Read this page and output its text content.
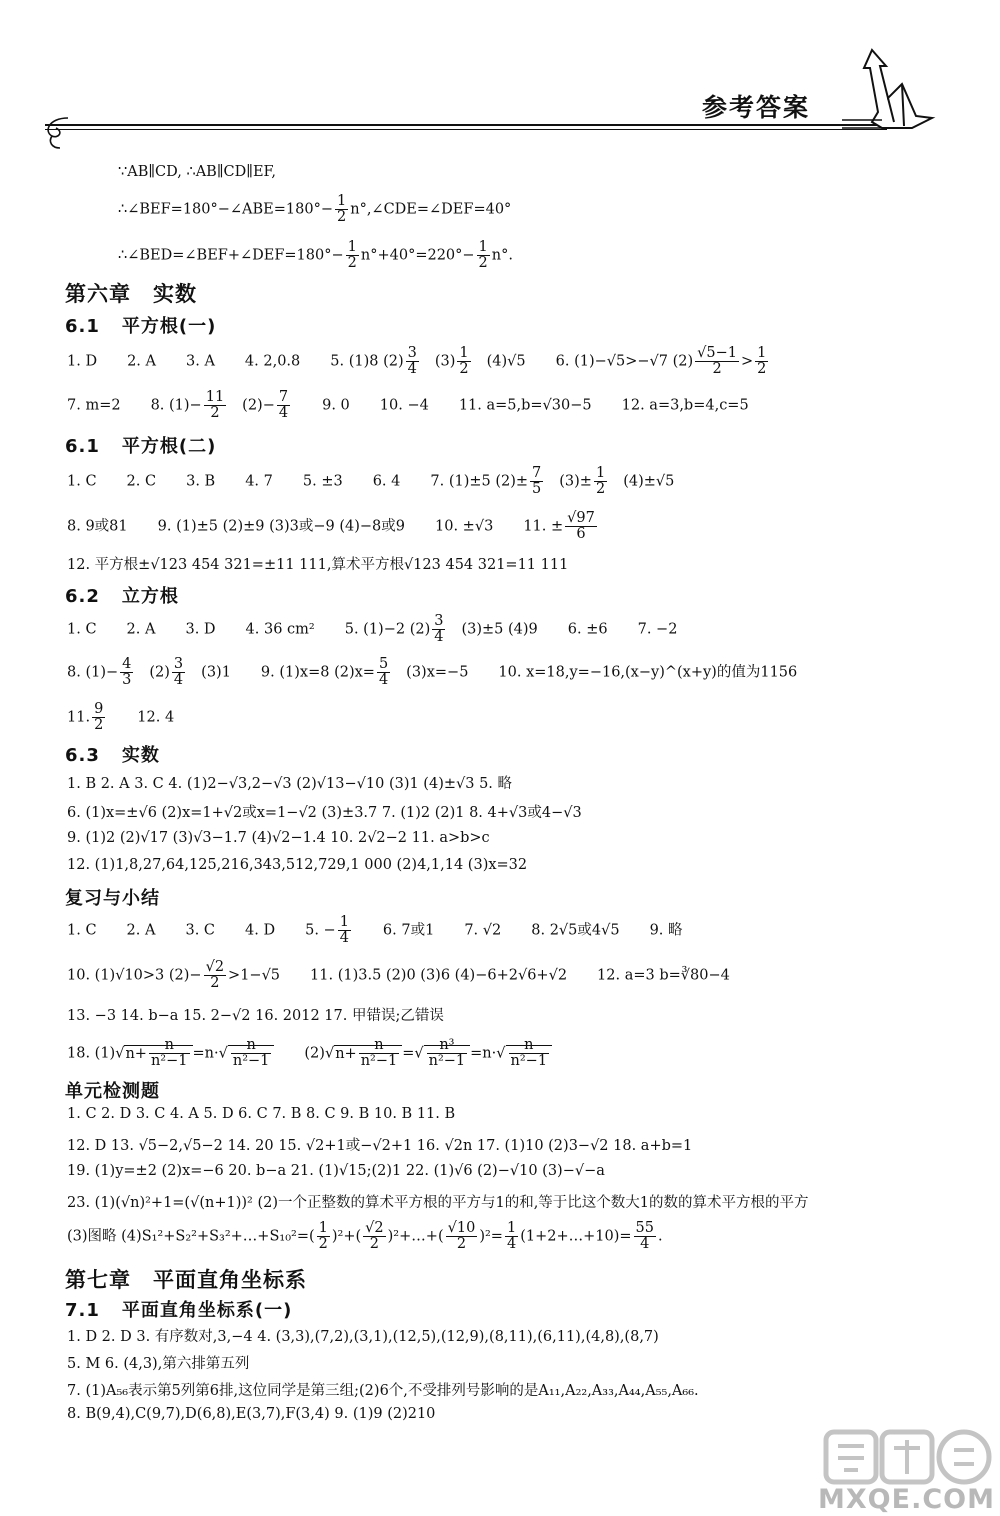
参考答案
∵AB∥CD, ∴AB∥CD∥EF,
∴∠BEF=180°−∠ABE=180°− $\frac{1}{2}$ n°,∠CDE=∠DEF=40°
∴∠BED=∠BEF+∠DEF=180°− $\frac{1}{2} n^\circ+40^\circ=220^\circ- \frac{1}{2} n^\circ$.
第六章 实数
6.1 平方根(一)
1. D 2. A 3. A 4. 2,0.8 5. (1)8 $(2) \frac{3}{4} (3) \frac{1}{2} (4)√5$ 6. (1)−√5>−√7 $(2) \frac{√5-1}{2} > \frac{1}{2}$
7. m=2 8. $(1)- \frac{11}{2} (2)- \frac{7}{4} 9$. 0 10. −4 11. a=5,b=√30−5 12. a=3,b=4,c=5
6.1 平方根(二)
1. C 2. C 3. B 4. 7 5. ±3 6. 4 7. (1)±5 $(2)\pm \frac{7}{5} (3)\pm \frac{1}{2} (4)\pm√5$
8. 9或81 9. (1)±5 (2)±9 (3)3或−9 (4)−8或9 10. ±√3 11. ± $\frac{√97}{6}$
12. 平方根±√123 454 321=±11 111,算术平方根√123 454 321=11 111
6.2 立方根
1. C 2. A 3. D 4. 36 cm² 5. (1)−2 $(2) \frac{3}{4} (3)\pm 5$ (4)9 6. ±6 7. −2
8. $(1)- \frac{4}{3} (2) \frac{3}{4} (3)1$ 9. (1)x=8 $(2)x= \frac{5}{4} (3)x=-5$ 10. x=18,y=−16,(x−y)^(x+y)的值为1156
11. $\frac{9}{2} 12$. 4
6.3 实数
1. B 2. A 3. C 4. (1)2−√3,2−√3 (2)√13−√10 (3)1 (4)±√3 5. 略
6. (1)x=±√6 (2)x=1+√2或x=1−√2 (3)±3.7 7. (1)2 (2)1 8. 4+√3或4−√3
9. (1)2 (2)√17 (3)√3−1.7 (4)√2−1.4 10. 2√2−2 11. a>b>c
12. (1)1,8,27,64,125,216,343,512,729,1 000 (2)4,1,14 (3)x=32
复习与小结
1. C 2. A 3. C 4. D 5. − $\frac{1}{4} 6$. 7或1 7. √2 8. 2√5或4√5 9. 略
10. (1)√10>3 $(2)- \frac{√2}{2} >1-√5$ 11. (1)3.5 (2)0 (3)6 (4)−6+2√6+√2 12. a=3 b=∛80−4
13. −3 14. b−a 15. 2−√2 16. 2012 17. 甲错误;乙错误
18. $(1)√n+ \frac{n}{\text{n²−1}} =n\cdot√ \frac{n}{\text{n²−1}} (2)√n+ \frac{n}{\text{n²−1}}$ =√ $\frac{\text{n³}}{\text{n²−1}} =n\cdot√ \frac{n}{\text{n²−1}}$
单元检测题
1. C 2. D 3. C 4. A 5. D 6. C 7. B 8. C 9. B 10. B 11. B
12. D 13. √5−2,√5−2 14. 20 15. √2+1或−√2+1 16. √2n 17. (1)10 (2)3−√2 18. a+b=1
19. (1)y=±2 (2)x=−6 20. b−a 21. (1)√15;(2)1 22. (1)√6 (2)−√10 (3)−√−a
23. (1)(√n)²+1=(√(n+1))² (2)一个正整数的算术平方根的平方与1的和,等于比这个数大1的数的算术平方根的平方
(3)图略 (4)S₁²+S₂²+S₃²+…+S₁₀²=( $\frac{1}{2} )^2+( \frac{√2}{2}$ )²+…+( $\frac{√10}{2} )^2= \frac{1}{4}$ (1+2+…+10)= $\frac{55}{4}$ .
第七章 平面直角坐标系
7.1 平面直角坐标系(一)
1. D 2. D 3. 有序数对,3,−4 4. (3,3),(7,2),(3,1),(12,5),(12,9),(8,11),(6,11),(4,8),(8,7)
5. M 6. (4,3),第六排第五列
7. (1)A₅₆表示第5列第6排,这位同学是第三组;(2)6个,不受排列号影响的是A₁₁,A₂₂,A₃₃,A₄₄,A₅₅,A₆₆.
8. B(9,4),C(9,7),D(6,8),E(3,7),F(3,4) 9. (1)9 (2)210
MXQE.COM
